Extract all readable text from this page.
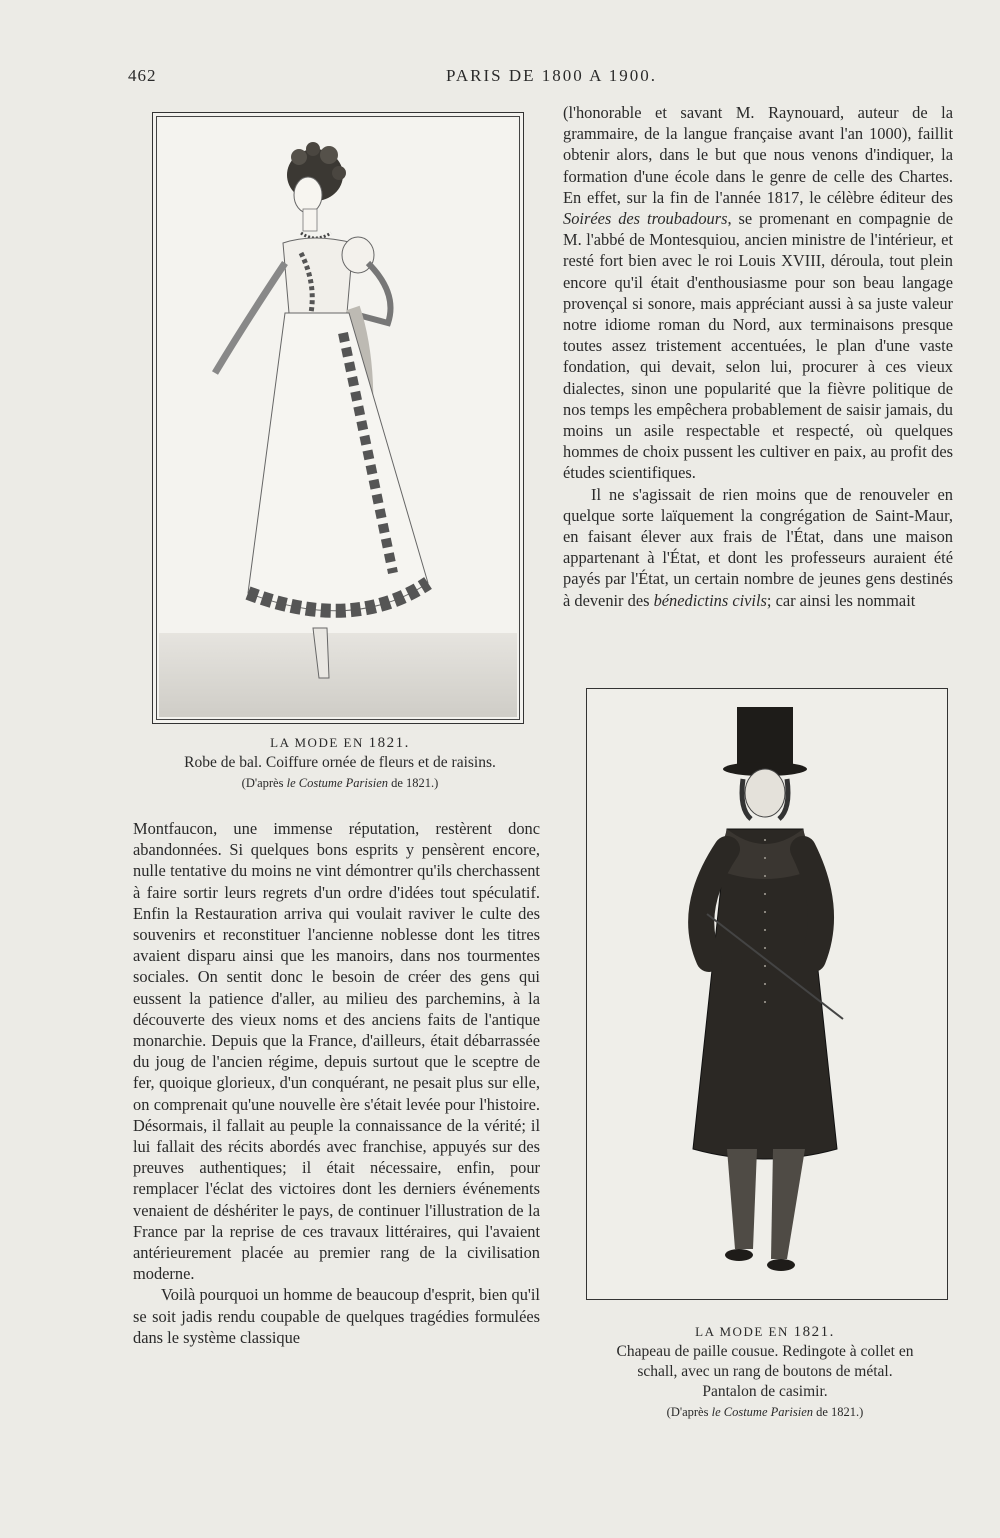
462	PARIS DE 1800 A 1900.
LA MODE EN 1821.
Robe de bal. Coiffure ornée de fleurs et de raisins.
(D'après le Costume Parisien de 1821.)

(l'honorable et savant M. Raynouard, auteur de la grammaire, de la langue française avant l'an 1000), faillit obtenir alors, dans le but que nous venons d'indiquer, la formation d'une école dans le genre de celle des Chartes. En effet, sur la fin de l'année 1817, le célèbre éditeur des Soirées des troubadours, se promenant en compagnie de M. l'abbé de Montesquiou, ancien ministre de l'intérieur, et resté fort bien avec le roi Louis XVIII, déroula, tout plein encore qu'il était d'enthousiasme pour son beau langage provençal si sonore, mais appréciant aussi à sa juste valeur notre idiome roman du Nord, aux terminaisons presque toutes assez tristement accentuées, le plan d'une vaste fondation, qui devait, selon lui, procurer à ces vieux dialectes, sinon une popularité que la fièvre politique de nos temps les empêchera probablement de saisir jamais, du moins un asile respectable et respecté, où quelques hommes de choix pussent les cultiver en paix, au profit des études scientifiques.

Il ne s'agissait de rien moins que de renouveler en quelque sorte laïquement la congrégation de Saint-Maur, en faisant élever aux frais de l'État, dans une maison appartenant à l'État, et dont les professeurs auraient été payés par l'État, un certain nombre de jeunes gens destinés à devenir des bénedictins civils; car ainsi les nommait

Montfaucon, une immense réputation, restèrent donc abandonnées. Si quelques bons esprits y pensèrent encore, nulle tentative du moins ne vint démontrer qu'ils cherchassent à faire sortir leurs regrets d'un ordre d'idées tout spéculatif. Enfin la Restauration arriva qui voulait raviver le culte des souvenirs et reconstituer l'ancienne noblesse dont les titres avaient disparu ainsi que les manoirs, dans nos tourmentes sociales. On sentit donc le besoin de créer des gens qui eussent la patience d'aller, au milieu des parchemins, à la découverte des vieux noms et des anciens faits de l'antique monarchie. Depuis que la France, d'ailleurs, était débarrassée du joug de l'ancien régime, depuis surtout que le sceptre de fer, quoique glorieux, d'un conquérant, ne pesait plus sur elle, on comprenait qu'une nouvelle ère s'était levée pour l'histoire. Désormais, il fallait au peuple la connaissance de la vérité; il lui fallait des récits abordés avec franchise, appuyés sur des preuves authentiques; il était nécessaire, enfin, pour remplacer l'éclat des victoires dont les derniers événements venaient de déshériter le pays, de continuer l'illustration de la France par la reprise de ces travaux littéraires, qui l'avaient antérieurement placée au premier rang de la civilisation moderne.

Voilà pourquoi un homme de beaucoup d'esprit, bien qu'il se soit jadis rendu coupable de quelques tragédies formulées dans le système classique	LA MODE EN 1821.
Chapeau de paille cousue. Redingote à collet en
schall, avec un rang de boutons de métal.
Pantalon de casimir.
(D'après le Costume Parisien de 1821.)
